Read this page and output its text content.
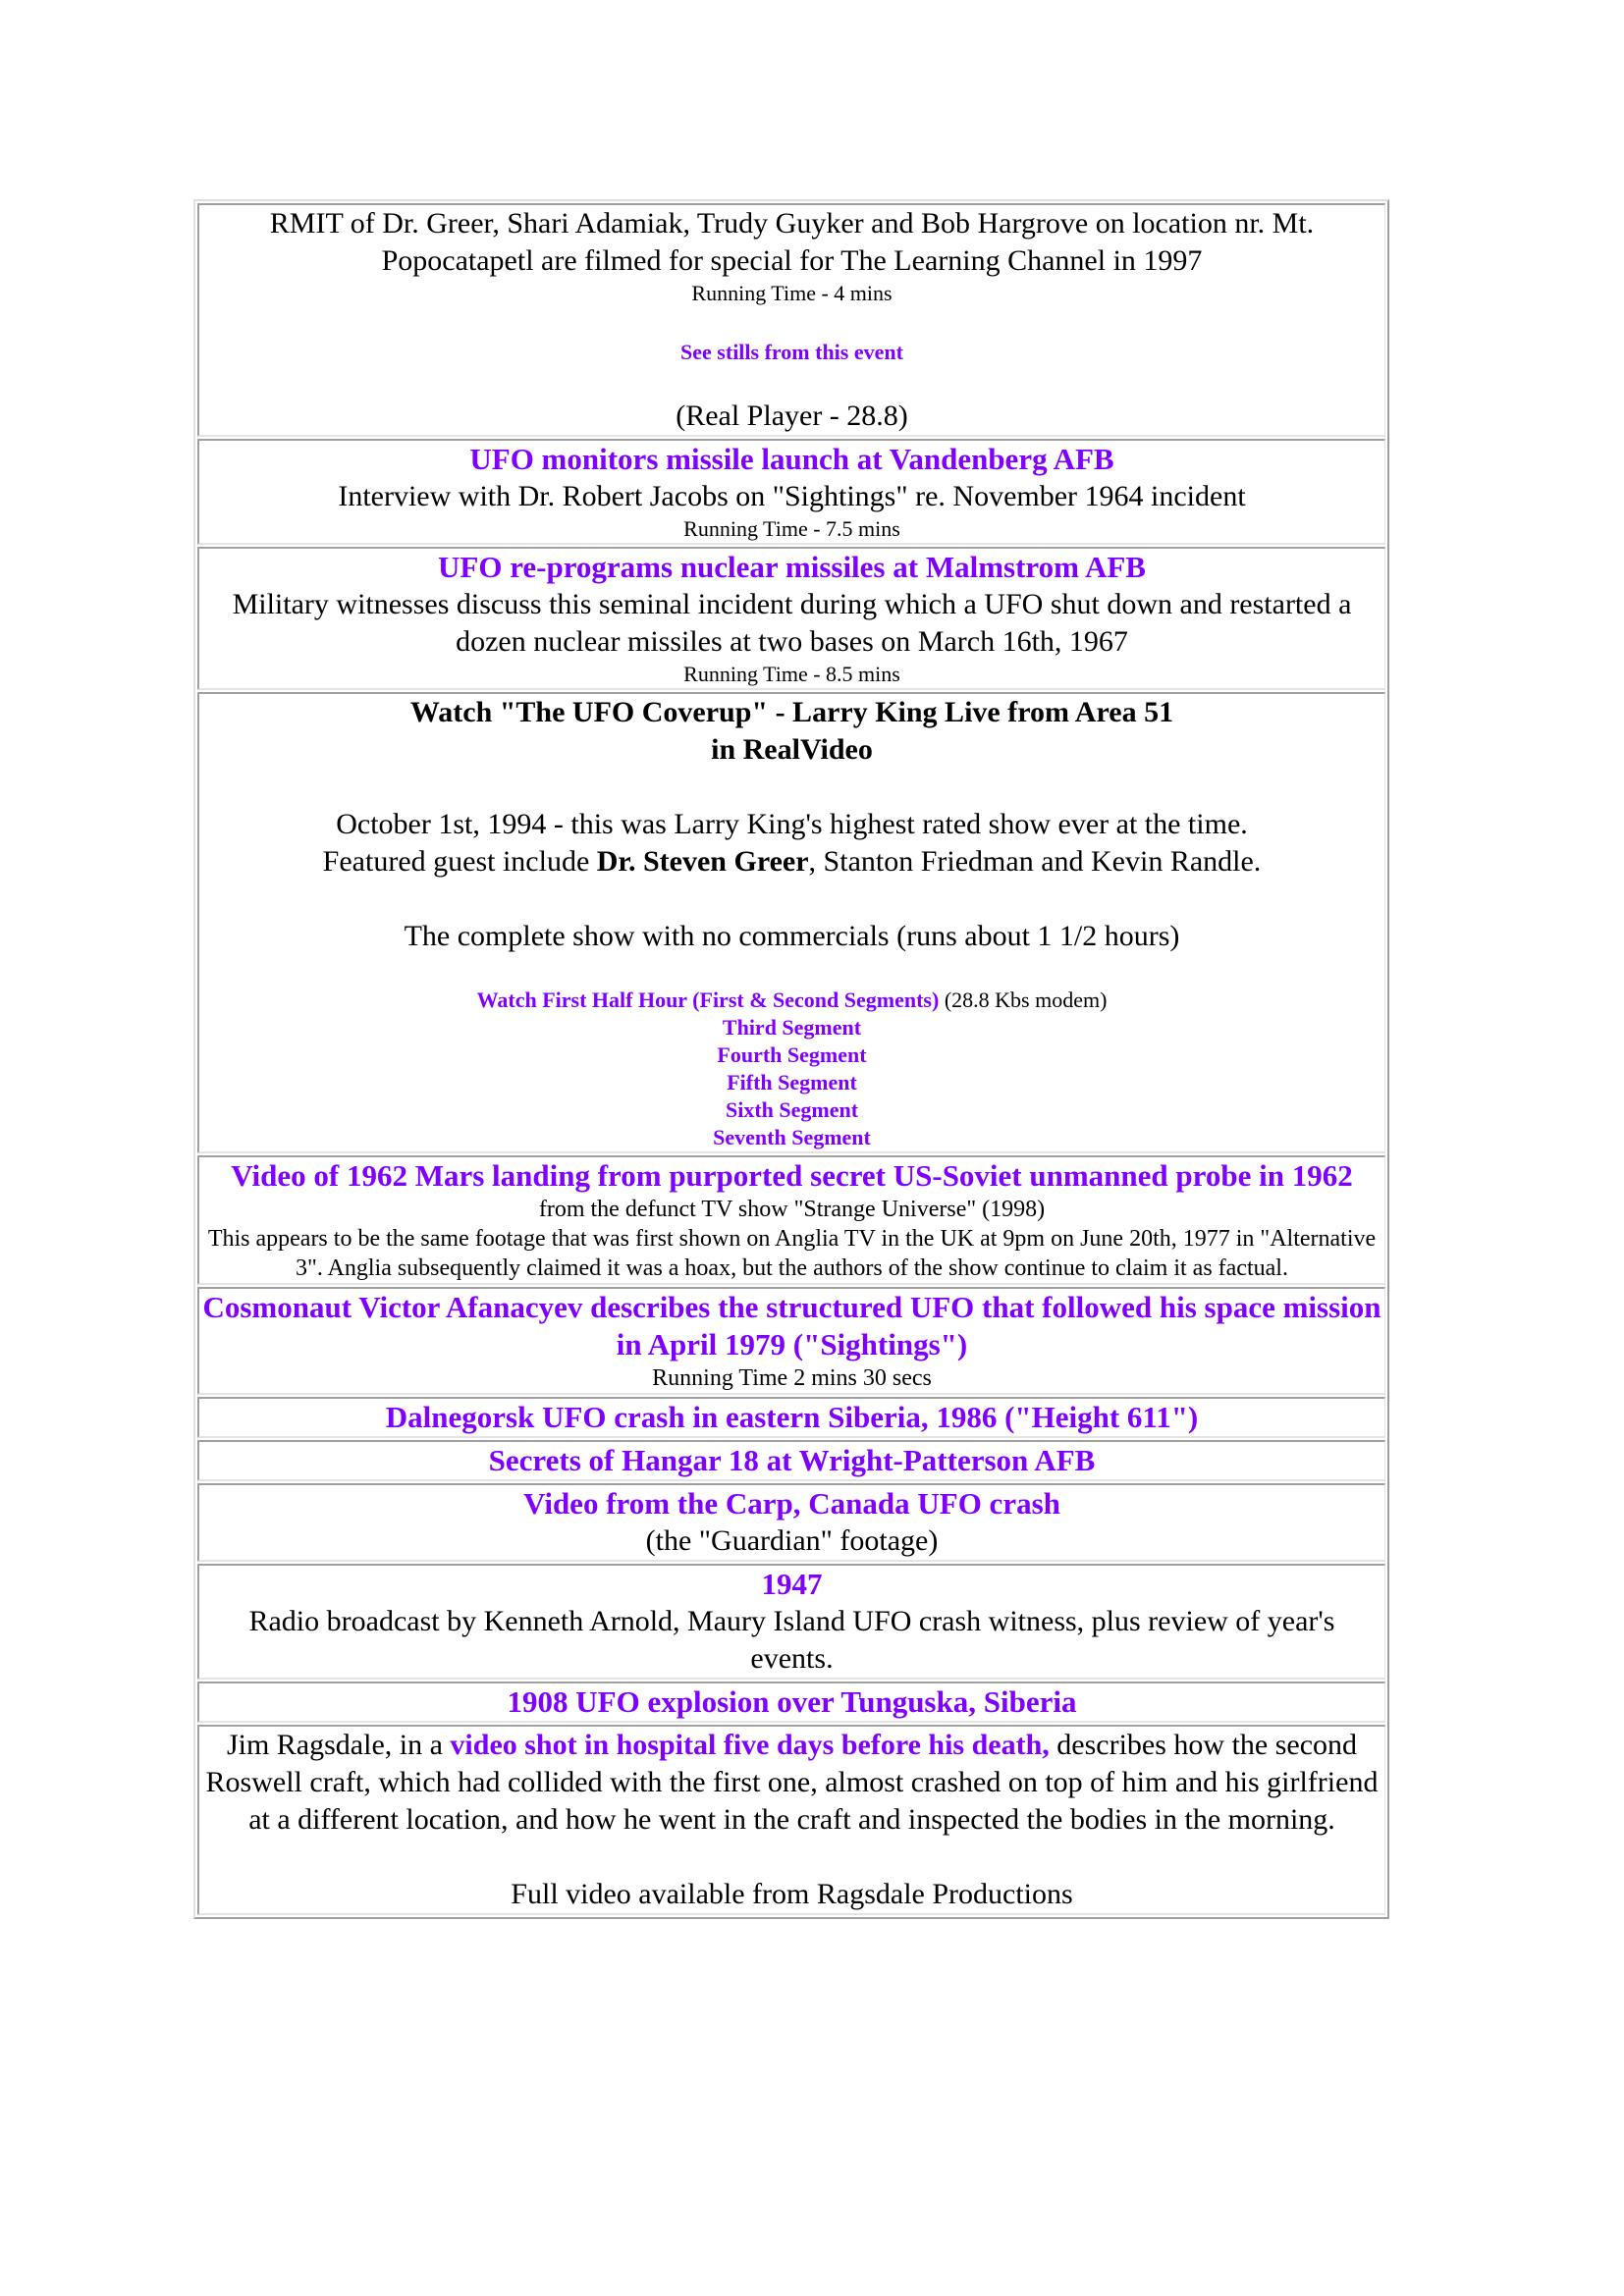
RMIT of Dr. Greer, Shari Adamiak, Trudy Guyker and Bob Hargrove on location nr. Mt.
Popocatapetl are filmed for special for The Learning Channel in 1997
Running Time - 4 mins
See stills from this event
(Real Player - 28.8)

UFO monitors missile launch at Vandenberg AFB
Interview with Dr. Robert Jacobs on "Sightings" re. November 1964 incident
Running Time - 7.5 mins

UFO re-programs nuclear missiles at Malmstrom AFB
Military witnesses discuss this seminal incident during which a UFO shut down and restarted a dozen nuclear missiles at two bases on March 16th, 1967
Running Time - 8.5 mins

Watch "The UFO Coverup" - Larry King Live from Area 51
in RealVideo
October 1st, 1994 - this was Larry King's highest rated show ever at the time.
Featured guest include Dr. Steven Greer, Stanton Friedman and Kevin Randle.
The complete show with no commercials (runs about 1 1/2 hours)
Watch First Half Hour (First & Second Segments) (28.8 Kbs modem)
Third Segment
Fourth Segment
Fifth Segment
Sixth Segment
Seventh Segment

Video of 1962 Mars landing from purported secret US-Soviet unmanned probe in 1962
from the defunct TV show "Strange Universe" (1998)
This appears to be the same footage that was first shown on Anglia TV in the UK at 9pm on June 20th, 1977 in "Alternative 3". Anglia subsequently claimed it was a hoax, but the authors of the show continue to claim it as factual.

Cosmonaut Victor Afanacyev describes the structured UFO that followed his space mission in April 1979 ("Sightings")
Running Time 2 mins 30 secs

Dalnegorsk UFO crash in eastern Siberia, 1986 ("Height 611")

Secrets of Hangar 18 at Wright-Patterson AFB

Video from the Carp, Canada UFO crash
(the "Guardian" footage)

1947
Radio broadcast by Kenneth Arnold, Maury Island UFO crash witness, plus review of year's events.

1908 UFO explosion over Tunguska, Siberia

Jim Ragsdale, in a video shot in hospital five days before his death, describes how the second Roswell craft, which had collided with the first one, almost crashed on top of him and his girlfriend at a different location, and how he went in the craft and inspected the bodies in the morning.
Full video available from Ragsdale Productions
